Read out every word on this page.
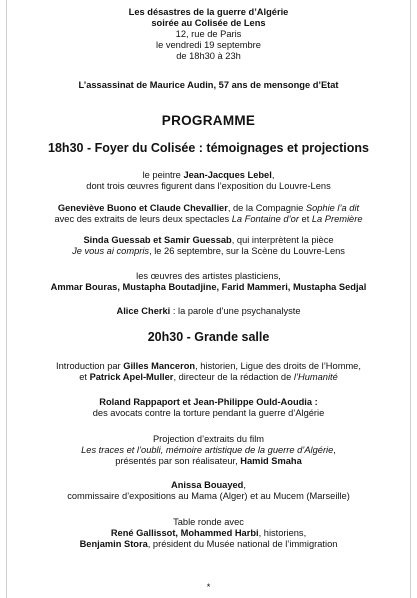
Les désastres de la guerre d’Algérie
soirée au Colisée de Lens
12, rue de Paris
le vendredi 19 septembre
de 18h30 à 23h
L’assassinat de Maurice Audin, 57 ans de mensonge d’Etat
PROGRAMME
18h30 - Foyer du Colisée : témoignages et projections
le peintre Jean-Jacques Lebel,
dont trois œuvres figurent dans l’exposition du Louvre-Lens
Geneviève Buono et Claude Chevallier, de la Compagnie Sophie l’a dit
avec des extraits de leurs deux spectacles La Fontaine d’or et La Première
Sinda Guessab et Samir Guessab, qui interprètent la pièce
Je vous ai compris, le 26 septembre, sur la Scène du Louvre-Lens
les œuvres des artistes plasticiens,
Ammar Bouras, Mustapha Boutadjine, Farid Mammeri, Mustapha Sedjal
Alice Cherki : la parole d’une psychanalyste
20h30 - Grande salle
Introduction par Gilles Manceron, historien, Ligue des droits de l’Homme,
et Patrick Apel-Muller, directeur de la rédaction de l’Humanité
Roland Rappaport et Jean-Philippe Ould-Aoudia :
des avocats contre la torture pendant la guerre d’Algérie
Projection d’extraits du film
Les traces et l’oubli, mémoire artistique de la guerre d’Algérie,
présentés par son réalisateur, Hamid Smaha
Anissa Bouayed,
commissaire d’expositions au Mama (Alger) et au Mucem (Marseille)
Table ronde avec
René Gallissot, Mohammed Harbi, historiens,
Benjamin Stora, président du Musée national de l’immigration
*
